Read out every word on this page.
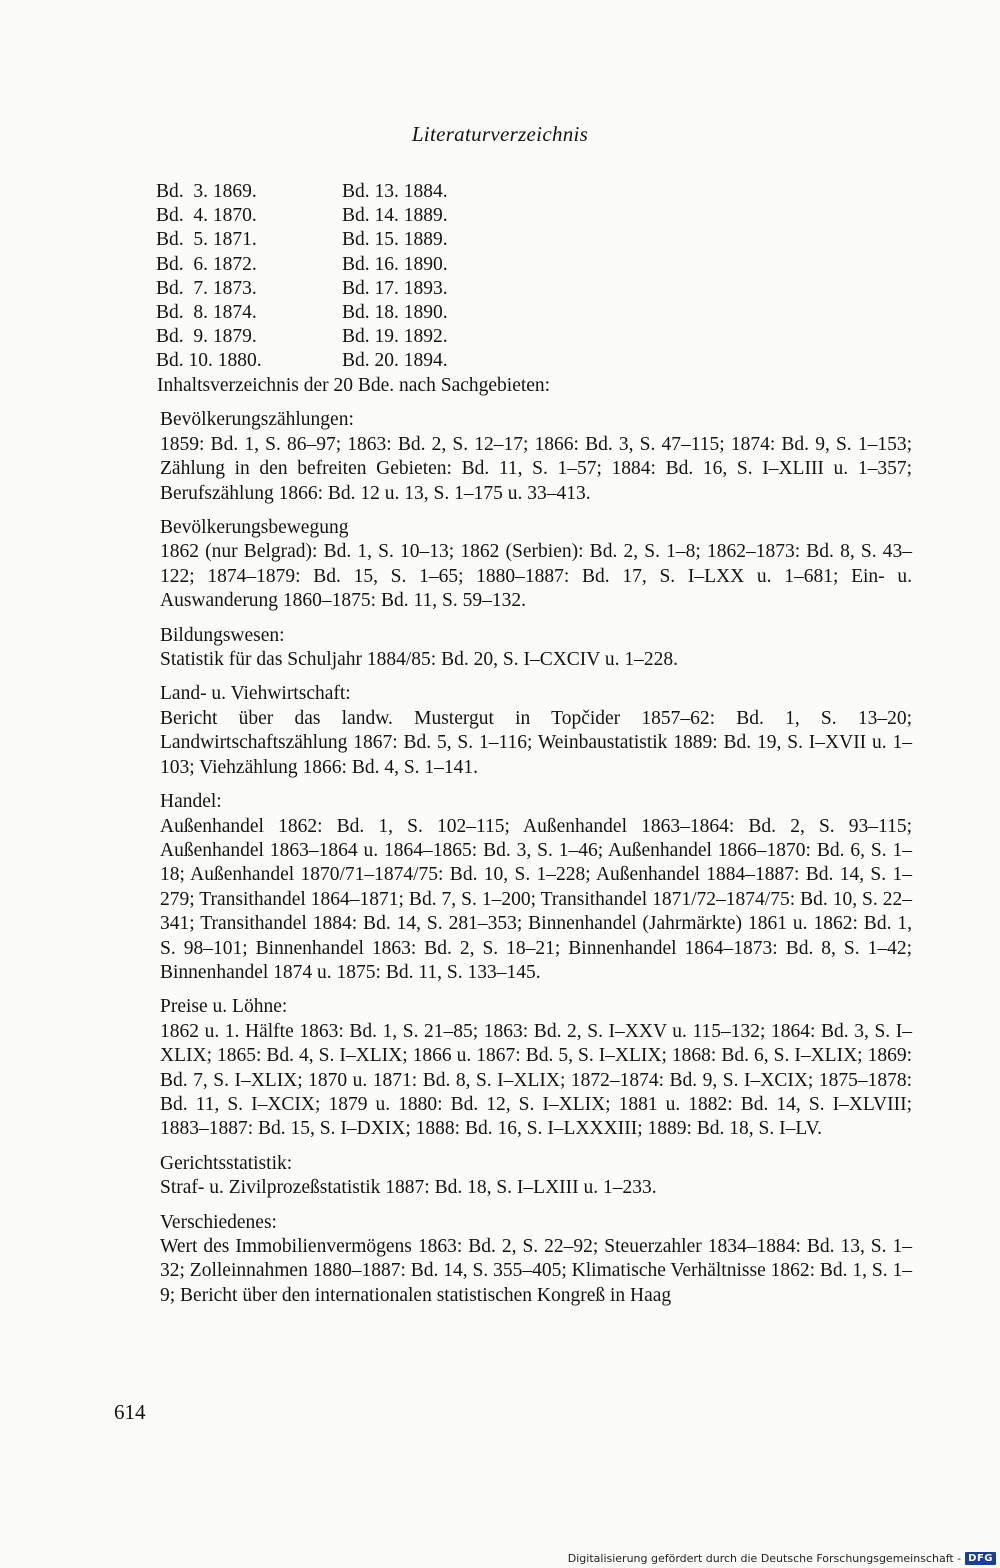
Literaturverzeichnis
Bd.  3. 1869.	Bd. 13. 1884.
Bd.  4. 1870.	Bd. 14. 1889.
Bd.  5. 1871.	Bd. 15. 1889.
Bd.  6. 1872.	Bd. 16. 1890.
Bd.  7. 1873.	Bd. 17. 1893.
Bd.  8. 1874.	Bd. 18. 1890.
Bd.  9. 1879.	Bd. 19. 1892.
Bd. 10. 1880.	Bd. 20. 1894.
Inhaltsverzeichnis der 20 Bde. nach Sachgebieten:
Bevölkerungszählungen:
1859: Bd. 1, S. 86–97; 1863: Bd. 2, S. 12–17; 1866: Bd. 3, S. 47–115; 1874: Bd. 9, S. 1–153; Zählung in den befreiten Gebieten: Bd. 11, S. 1–57; 1884: Bd. 16, S. I–XLIII u. 1–357; Berufszählung 1866: Bd. 12 u. 13, S. 1–175 u. 33–413.
Bevölkerungsbewegung
1862 (nur Belgrad): Bd. 1, S. 10–13; 1862 (Serbien): Bd. 2, S. 1–8; 1862–1873: Bd. 8, S. 43–122; 1874–1879: Bd. 15, S. 1–65; 1880–1887: Bd. 17, S. I–LXX u. 1–681; Ein- u. Auswanderung 1860–1875: Bd. 11, S. 59–132.
Bildungswesen:
Statistik für das Schuljahr 1884/85: Bd. 20, S. I–CXCIV u. 1–228.
Land- u. Viehwirtschaft:
Bericht über das landw. Mustergut in Topčider 1857–62: Bd. 1, S. 13–20; Landwirtschaftszählung 1867: Bd. 5, S. 1–116; Weinbaustatistik 1889: Bd. 19, S. I–XVII u. 1–103; Viehzählung 1866: Bd. 4, S. 1–141.
Handel:
Außenhandel 1862: Bd. 1, S. 102–115; Außenhandel 1863–1864: Bd. 2, S. 93–115; Außenhandel 1863–1864 u. 1864–1865: Bd. 3, S. 1–46; Außenhandel 1866–1870: Bd. 6, S. 1–18; Außenhandel 1870/71–1874/75: Bd. 10, S. 1–228; Außenhandel 1884–1887: Bd. 14, S. 1–279; Transithandel 1864–1871; Bd. 7, S. 1–200; Transithandel 1871/72–1874/75: Bd. 10, S. 22–341; Transithandel 1884: Bd. 14, S. 281–353; Binnenhandel (Jahrmärkte) 1861 u. 1862: Bd. 1, S. 98–101; Binnenhandel 1863: Bd. 2, S. 18–21; Binnenhandel 1864–1873: Bd. 8, S. 1–42; Binnenhandel 1874 u. 1875: Bd. 11, S. 133–145.
Preise u. Löhne:
1862 u. 1. Hälfte 1863: Bd. 1, S. 21–85; 1863: Bd. 2, S. I–XXV u. 115–132; 1864: Bd. 3, S. I–XLIX; 1865: Bd. 4, S. I–XLIX; 1866 u. 1867: Bd. 5, S. I–XLIX; 1868: Bd. 6, S. I–XLIX; 1869: Bd. 7, S. I–XLIX; 1870 u. 1871: Bd. 8, S. I–XLIX; 1872–1874: Bd. 9, S. I–XCIX; 1875–1878: Bd. 11, S. I–XCIX; 1879 u. 1880: Bd. 12, S. I–XLIX; 1881 u. 1882: Bd. 14, S. I–XLVIII; 1883–1887: Bd. 15, S. I–DXIX; 1888: Bd. 16, S. I–LXXXIII; 1889: Bd. 18, S. I–LV.
Gerichtsstatistik:
Straf- u. Zivilprozeßstatistik 1887: Bd. 18, S. I–LXIII u. 1–233.
Verschiedenes:
Wert des Immobilienvermögens 1863: Bd. 2, S. 22–92; Steuerzahler 1834–1884: Bd. 13, S. 1–32; Zolleinnahmen 1880–1887: Bd. 14, S. 355–405; Klimatische Verhältnisse 1862: Bd. 1, S. 1–9; Bericht über den internationalen statistischen Kongreß in Haag
614
Digitalisierung gefördert durch die Deutsche Forschungsgemeinschaft - DFG
